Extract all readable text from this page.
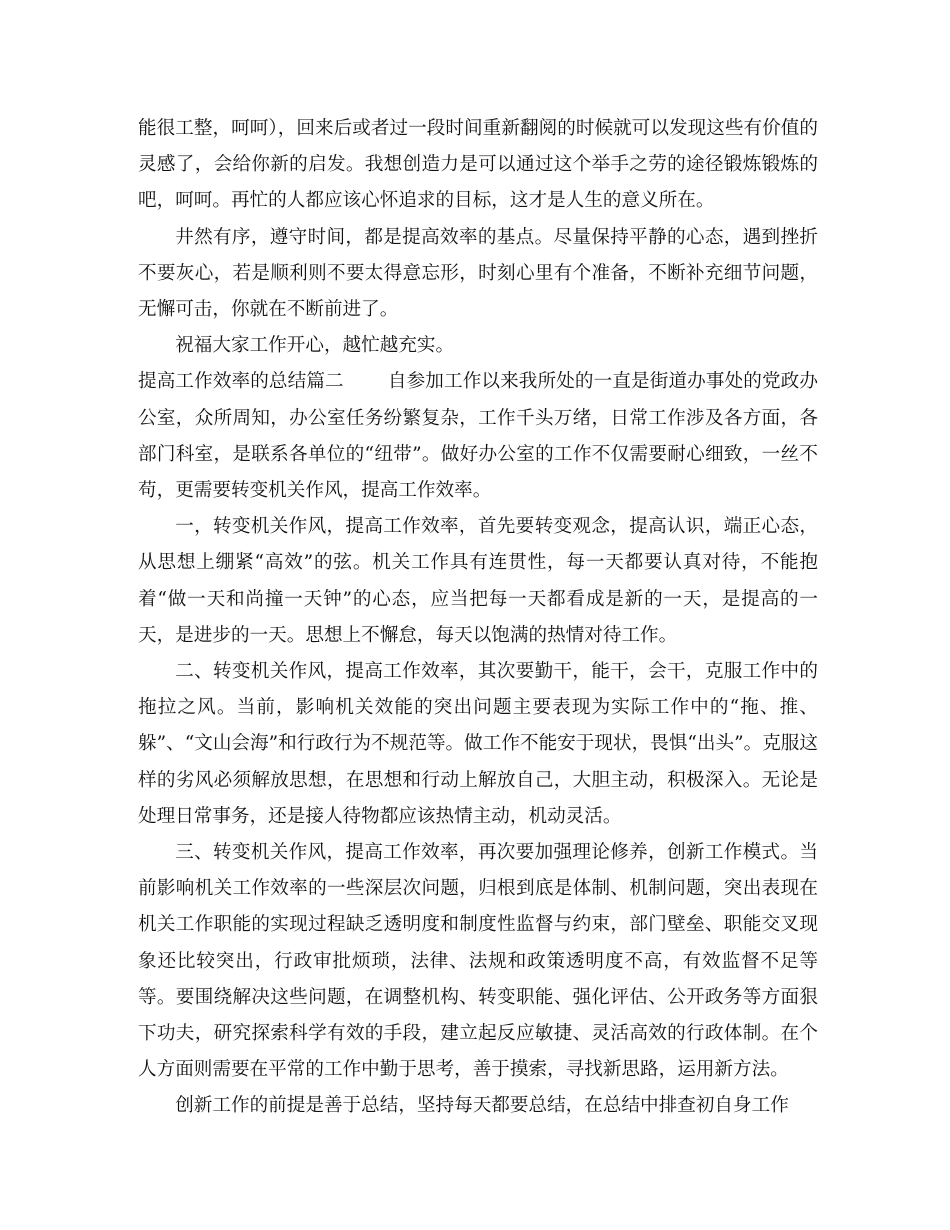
能很工整，呵呵），回来后或者过一段时间重新翻阅的时候就可以发现这些有价值的灵感了，会给你新的启发。我想创造力是可以通过这个举手之劳的途径锻炼锻炼的吧，呵呵。再忙的人都应该心怀追求的目标，这才是人生的意义所在。

井然有序，遵守时间，都是提高效率的基点。尽量保持平静的心态，遇到挫折不要灰心，若是顺利则不要太得意忘形，时刻心里有个准备，不断补充细节问题，无懈可击，你就在不断前进了。

祝福大家工作开心，越忙越充实。

提高工作效率的总结篇二 自参加工作以来我所处的一直是街道办事处的党政办公室，众所周知，办公室任务纷繁复杂，工作千头万绪，日常工作涉及各方面，各部门科室，是联系各单位的“纽带”。做好办公室的工作不仅需要耐心细致，一丝不苟，更需要转变机关作风，提高工作效率。

一，转变机关作风，提高工作效率，首先要转变观念，提高认识，端正心态，从思想上绷紧“高效”的弦。机关工作具有连贯性，每一天都要认真对待，不能抱着“做一天和尚撞一天钟”的心态，应当把每一天都看成是新的一天，是提高的一天，是进步的一天。思想上不懈怠，每天以饱满的热情对待工作。

二、转变机关作风，提高工作效率，其次要勤干，能干，会干，克服工作中的拖拉之风。当前，影响机关效能的突出问题主要表现为实际工作中的“拖、推、躲”、“文山会海”和行政行为不规范等。做工作不能安于现状，畏惧“出头”。克服这样的劣风必须解放思想，在思想和行动上解放自己，大胆主动，积极深入。无论是处理日常事务，还是接人待物都应该热情主动，机动灵活。

三、转变机关作风，提高工作效率，再次要加强理论修养，创新工作模式。当前影响机关工作效率的一些深层次问题，归根到底是体制、机制问题，突出表现在机关工作职能的实现过程缺乏透明度和制度性监督与约束，部门壁垒、职能交叉现象还比较突出，行政审批烦琐，法律、法规和政策透明度不高，有效监督不足等等。要围绕解决这些问题，在调整机构、转变职能、强化评估、公开政务等方面狠下功夫，研究探索科学有效的手段，建立起反应敏捷、灵活高效的行政体制。在个人方面则需要在平常的工作中勤于思考，善于摸索，寻找新思路，运用新方法。

创新工作的前提是善于总结，坚持每天都要总结，在总结中排查初自身工作
